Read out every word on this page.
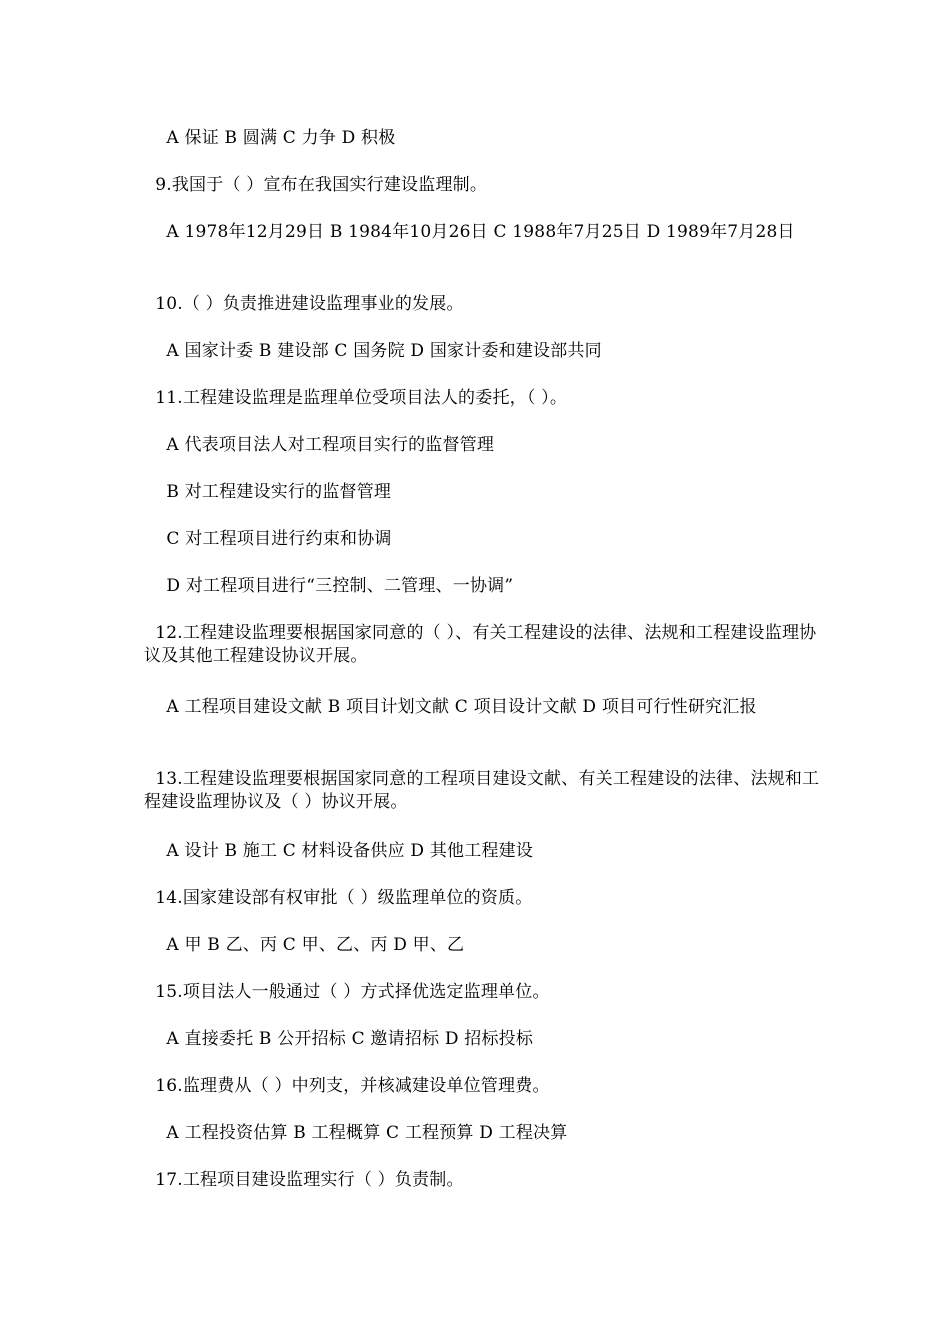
A 保证 B 圆满 C 力争 D 积极
9.我国于（ ）宣布在我国实行建设监理制。
A 1978年12月29日 B 1984年10月26日 C 1988年7月25日 D 1989年7月28日
10.（ ）负责推进建设监理事业的发展。
A 国家计委 B 建设部 C 国务院 D 国家计委和建设部共同
11.工程建设监理是监理单位受项目法人的委托，（ ）。
A 代表项目法人对工程项目实行的监督管理
B 对工程建设实行的监督管理
C 对工程项目进行约束和协调
D 对工程项目进行“三控制、二管理、一协调”
12.工程建设监理要根据国家同意的（ ）、有关工程建设的法律、法规和工程建设监理协议及其他工程建设协议开展。
A 工程项目建设文献 B 项目计划文献 C 项目设计文献 D 项目可行性研究汇报
13.工程建设监理要根据国家同意的工程项目建设文献、有关工程建设的法律、法规和工程建设监理协议及（ ）协议开展。
A 设计 B 施工 C 材料设备供应 D 其他工程建设
14.国家建设部有权审批（ ）级监理单位的资质。
A 甲 B 乙、丙 C 甲、乙、丙 D 甲、乙
15.项目法人一般通过（ ）方式择优选定监理单位。
A 直接委托 B 公开招标 C 邀请招标 D 招标投标
16.监理费从（ ）中列支，并核减建设单位管理费。
A 工程投资估算 B 工程概算 C 工程预算 D 工程决算
17.工程项目建设监理实行（ ）负责制。
